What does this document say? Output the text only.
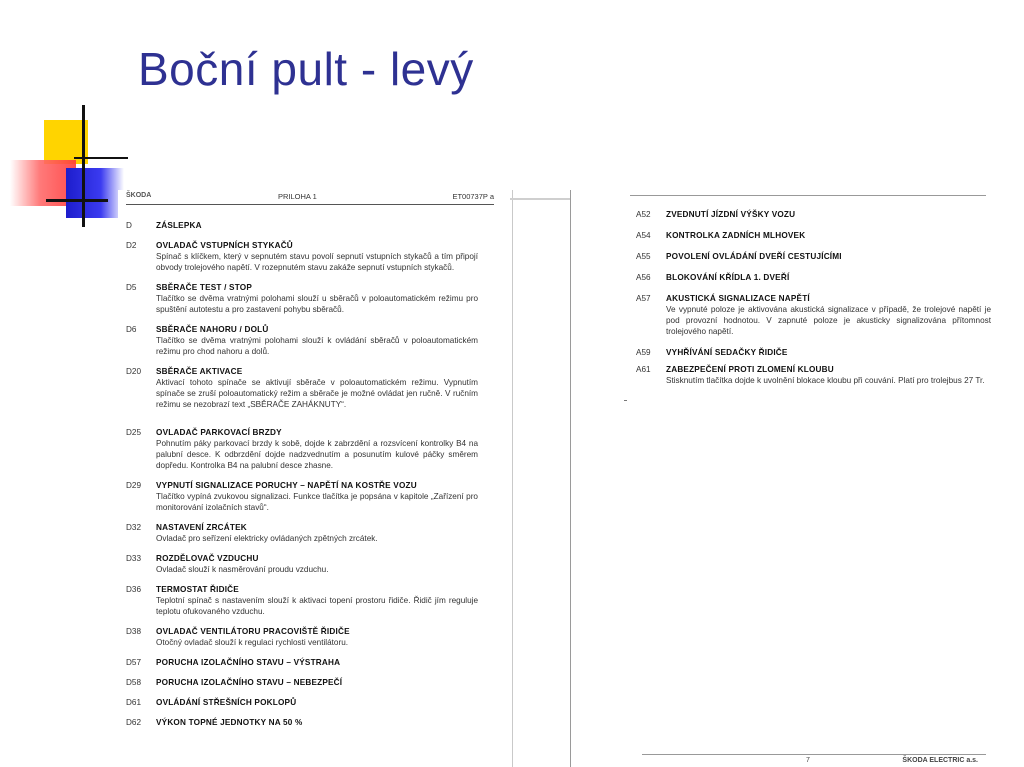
Boční pult - levý
ŠKODA	PRILOHA 1	ET00737P a
D	ZÁSLEPKA
D2	OVLADAČ VSTUPNÍCH STYKAČŮ
Spínač s klíčkem, který v sepnutém stavu povolí sepnutí vstupních stykačů a tím připojí obvody trolejového napětí. V rozepnutém stavu zakáže sepnutí vstupních stykačů.
D5	SBĚRAČE TEST / STOP
Tlačítko se dvěma vratnými polohami slouží u sběračů v poloautomatickém režimu pro spuštění autotestu a pro zastavení pohybu sběračů.
D6	SBĚRAČE NAHORU / DOLŮ
Tlačítko se dvěma vratnými polohami slouží k ovládání sběračů v poloautomatickém režimu pro chod nahoru a dolů.
D20	SBĚRAČE AKTIVACE
Aktivací tohoto spínače se aktivují sběrače v poloautomatickém režimu. Vypnutím spínače se zruší poloautomatický režim a sběrače je možné ovládat jen ručně. V ručním režimu se nezobrazí text „SBĚRAČE ZAHÁKNUTY“.
D25	OVLADAČ PARKOVACÍ BRZDY
Pohnutím páky parkovací brzdy k sobě, dojde k zabrzdění a rozsvícení kontrolky B4 na palubní desce. K odbrzdění dojde nadzvednutím a posunutím kulové páčky směrem dopředu. Kontrolka B4 na palubní desce zhasne.
D29	VYPNUTÍ SIGNALIZACE PORUCHY – NAPĚTÍ NA KOSTŘE VOZU
Tlačítko vypíná zvukovou signalizaci. Funkce tlačítka je popsána v kapitole „Zařízení pro monitorování izolačních stavů“.
D32	NASTAVENÍ ZRCÁTEK
Ovladač pro seřízení elektricky ovládaných zpětných zrcátek.
D33	ROZDĚLOVAČ VZDUCHU
Ovladač slouží k nasměrování proudu vzduchu.
D36	TERMOSTAT ŘIDIČE
Teplotní spínač s nastavením slouží k aktivaci topení prostoru řidiče. Řidič jím reguluje teplotu ofukovaného vzduchu.
D38	OVLADAČ VENTILÁTORU PRACOVIŠTĚ ŘIDIČE
Otočný ovladač slouží k regulaci rychlosti ventilátoru.
D57	PORUCHA IZOLAČNÍHO STAVU – VÝSTRAHA
D58	PORUCHA IZOLAČNÍHO STAVU – NEBEZPEČÍ
D61	OVLÁDÁNÍ STŘEŠNÍCH POKLOPŮ
D62	VÝKON TOPNÉ JEDNOTKY NA 50 %
A52	ZVEDNUTÍ JÍZDNÍ VÝŠKY VOZU
A54	KONTROLKA ZADNÍCH MLHOVEK
A55	POVOLENÍ OVLÁDÁNÍ DVEŘÍ CESTUJÍCÍMI
A56	BLOKOVÁNÍ KŘÍDLA 1. DVEŘÍ
A57	AKUSTICKÁ SIGNALIZACE NAPĚTÍ
Ve vypnuté poloze je aktivována akustická signalizace v případě, že trolejové napětí je pod provozní hodnotou. V zapnuté poloze je akusticky signalizována přítomnost trolejového napětí.
A59	VYHŘÍVÁNÍ SEDAČKY ŘIDIČE
A61	ZABEZPEČENÍ PROTI ZLOMENÍ KLOUBU
Stisknutím tlačítka dojde k uvolnění blokace kloubu při couvání. Platí pro trolejbus 27 Tr.
7	ŠKODA ELECTRIC a.s.
